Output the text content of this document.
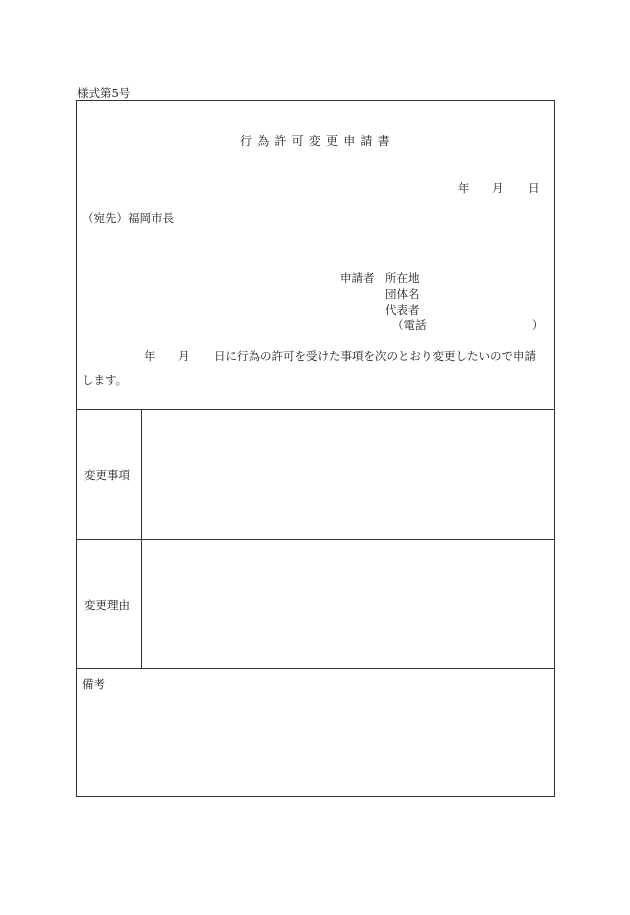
様式第5号
行為許可変更申請書
年 月 日
（宛先）福岡市長
申請者 所在地
団体名
代表者
（電話	）
年 月 日に行為の許可を受けた事項を次のとおり変更したいので申請
します。
変更事項
変更理由
備考
